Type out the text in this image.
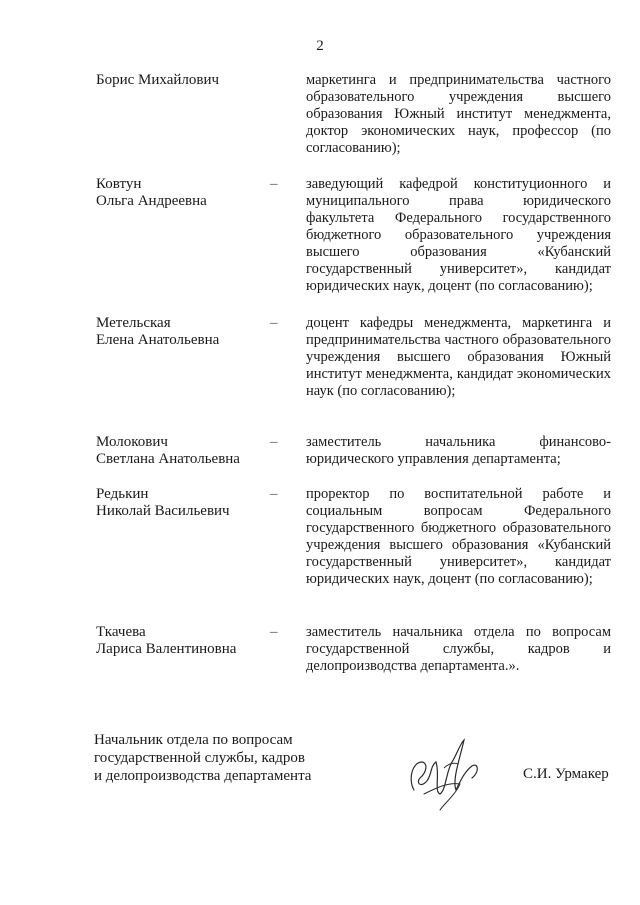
2
Борис Михайлович	маркетинга и предпринимательства частного образовательного учреждения высшего образования Южный институт менеджмента, доктор экономических наук, профессор (по согласованию);
Ковтун
Ольга Андреевна
– заведующий кафедрой конституционного и муниципального права юридического факультета Федерального государственного бюджетного образовательного учреждения высшего образования «Кубанский государственный университет», кандидат юридических наук, доцент (по согласованию);
Метельская
Елена Анатольевна
– доцент кафедры менеджмента, маркетинга и предпринимательства частного образовательного учреждения высшего образования Южный институт менеджмента, кандидат экономических наук (по согласованию);
Молокович
Светлана Анатольевна
– заместитель начальника финансово-юридического управления департамента;
Редькин
Николай Васильевич
– проректор по воспитательной работе и социальным вопросам Федерального государственного бюджетного образовательного учреждения высшего образования «Кубанский государственный университет», кандидат юридических наук, доцент (по согласованию);
Ткачева
Лариса Валентиновна
– заместитель начальника отдела по вопросам государственной службы, кадров и делопроизводства департамента.».
Начальник отдела по вопросам
государственной службы, кадров
и делопроизводства департамента	С.И. Урмакер
